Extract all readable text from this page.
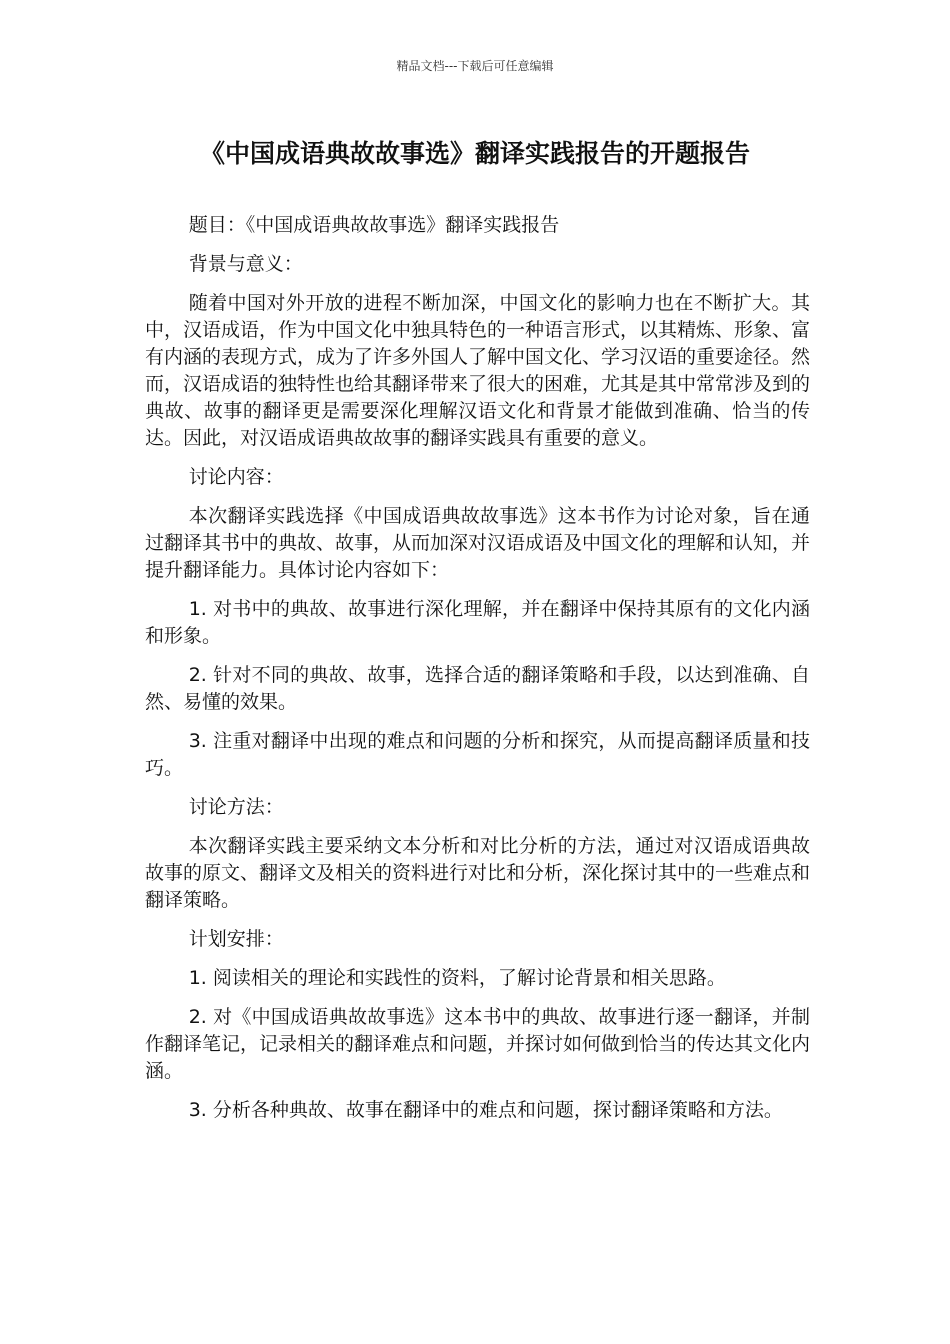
精品文档---下载后可任意编辑
《中国成语典故故事选》翻译实践报告的开题报告

题目：《中国成语典故故事选》翻译实践报告

背景与意义：

随着中国对外开放的进程不断加深，中国文化的影响力也在不断扩大。其中，汉语成语，作为中国文化中独具特色的一种语言形式，以其精炼、形象、富有内涵的表现方式，成为了许多外国人了解中国文化、学习汉语的重要途径。然而，汉语成语的独特性也给其翻译带来了很大的困难，尤其是其中常常涉及到的典故、故事的翻译更是需要深化理解汉语文化和背景才能做到准确、恰当的传达。因此，对汉语成语典故故事的翻译实践具有重要的意义。

讨论内容：

本次翻译实践选择《中国成语典故故事选》这本书作为讨论对象，旨在通过翻译其书中的典故、故事，从而加深对汉语成语及中国文化的理解和认知，并提升翻译能力。具体讨论内容如下：

1. 对书中的典故、故事进行深化理解，并在翻译中保持其原有的文化内涵和形象。

2. 针对不同的典故、故事，选择合适的翻译策略和手段，以达到准确、自然、易懂的效果。

3. 注重对翻译中出现的难点和问题的分析和探究，从而提高翻译质量和技巧。

讨论方法：

本次翻译实践主要采纳文本分析和对比分析的方法，通过对汉语成语典故故事的原文、翻译文及相关的资料进行对比和分析，深化探讨其中的一些难点和翻译策略。

计划安排：

1. 阅读相关的理论和实践性的资料，了解讨论背景和相关思路。

2. 对《中国成语典故故事选》这本书中的典故、故事进行逐一翻译，并制作翻译笔记，记录相关的翻译难点和问题，并探讨如何做到恰当的传达其文化内涵。

3. 分析各种典故、故事在翻译中的难点和问题，探讨翻译策略和方法。
